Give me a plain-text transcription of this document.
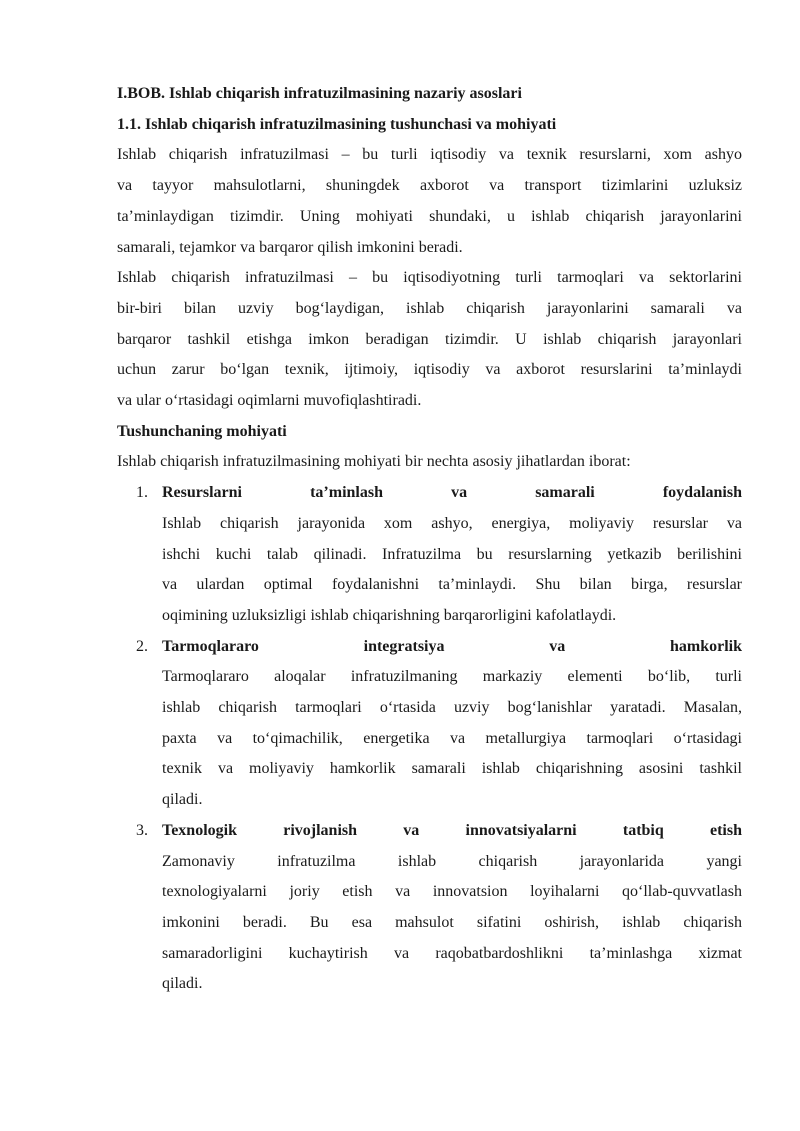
I.BOB. Ishlab chiqarish infratuzilmasining nazariy asoslari
1.1. Ishlab chiqarish infratuzilmasining tushunchasi va mohiyati
Ishlab chiqarish infratuzilmasi – bu turli iqtisodiy va texnik resurslarni, xom ashyo
va tayyor mahsulotlarni, shuningdek axborot va transport tizimlarini uzluksiz
ta’minlaydigan tizimdir. Uning mohiyati shundaki, u ishlab chiqarish jarayonlarini
samarali, tejamkor va barqaror qilish imkonini beradi.
Ishlab chiqarish infratuzilmasi – bu iqtisodiyotning turli tarmoqlari va sektorlarini
bir-biri bilan uzviy bog‘laydigan, ishlab chiqarish jarayonlarini samarali va
barqaror tashkil etishga imkon beradigan tizimdir. U ishlab chiqarish jarayonlari
uchun zarur bo‘lgan texnik, ijtimoiy, iqtisodiy va axborot resurslarini ta’minlaydi
va ular o‘rtasidagi oqimlarni muvofiqlashtiradi.
Tushunchaning mohiyati
Ishlab chiqarish infratuzilmasining mohiyati bir nechta asosiy jihatlardan iborat:
1. Resurslarni ta’minlash va samarali foydalanish
Ishlab chiqarish jarayonida xom ashyo, energiya, moliyaviy resurslar va
ishchi kuchi talab qilinadi. Infratuzilma bu resurslarning yetkazib berilishini
va ulardan optimal foydalanishni ta’minlaydi. Shu bilan birga, resurslar
oqimining uzluksizligi ishlab chiqarishning barqarorligini kafolatlaydi.
2. Tarmoqlararo integratsiya va hamkorlik
Tarmoqlararo aloqalar infratuzilmaning markaziy elementi bo‘lib, turli
ishlab chiqarish tarmoqlari o‘rtasida uzviy bog‘lanishlar yaratadi. Masalan,
paxta va to‘qimachilik, energetika va metallurgiya tarmoqlari o‘rtasidagi
texnik va moliyaviy hamkorlik samarali ishlab chiqarishning asosini tashkil
qiladi.
3. Texnologik rivojlanish va innovatsiyalarni tatbiq etish
Zamonaviy infratuzilma ishlab chiqarish jarayonlarida yangi
texnologiyalarni joriy etish va innovatsion loyihalarni qo‘llab-quvvatlash
imkonini beradi. Bu esa mahsulot sifatini oshirish, ishlab chiqarish
samaradorligini kuchaytirish va raqobatbardoshlikni ta’minlashga xizmat
qiladi.
